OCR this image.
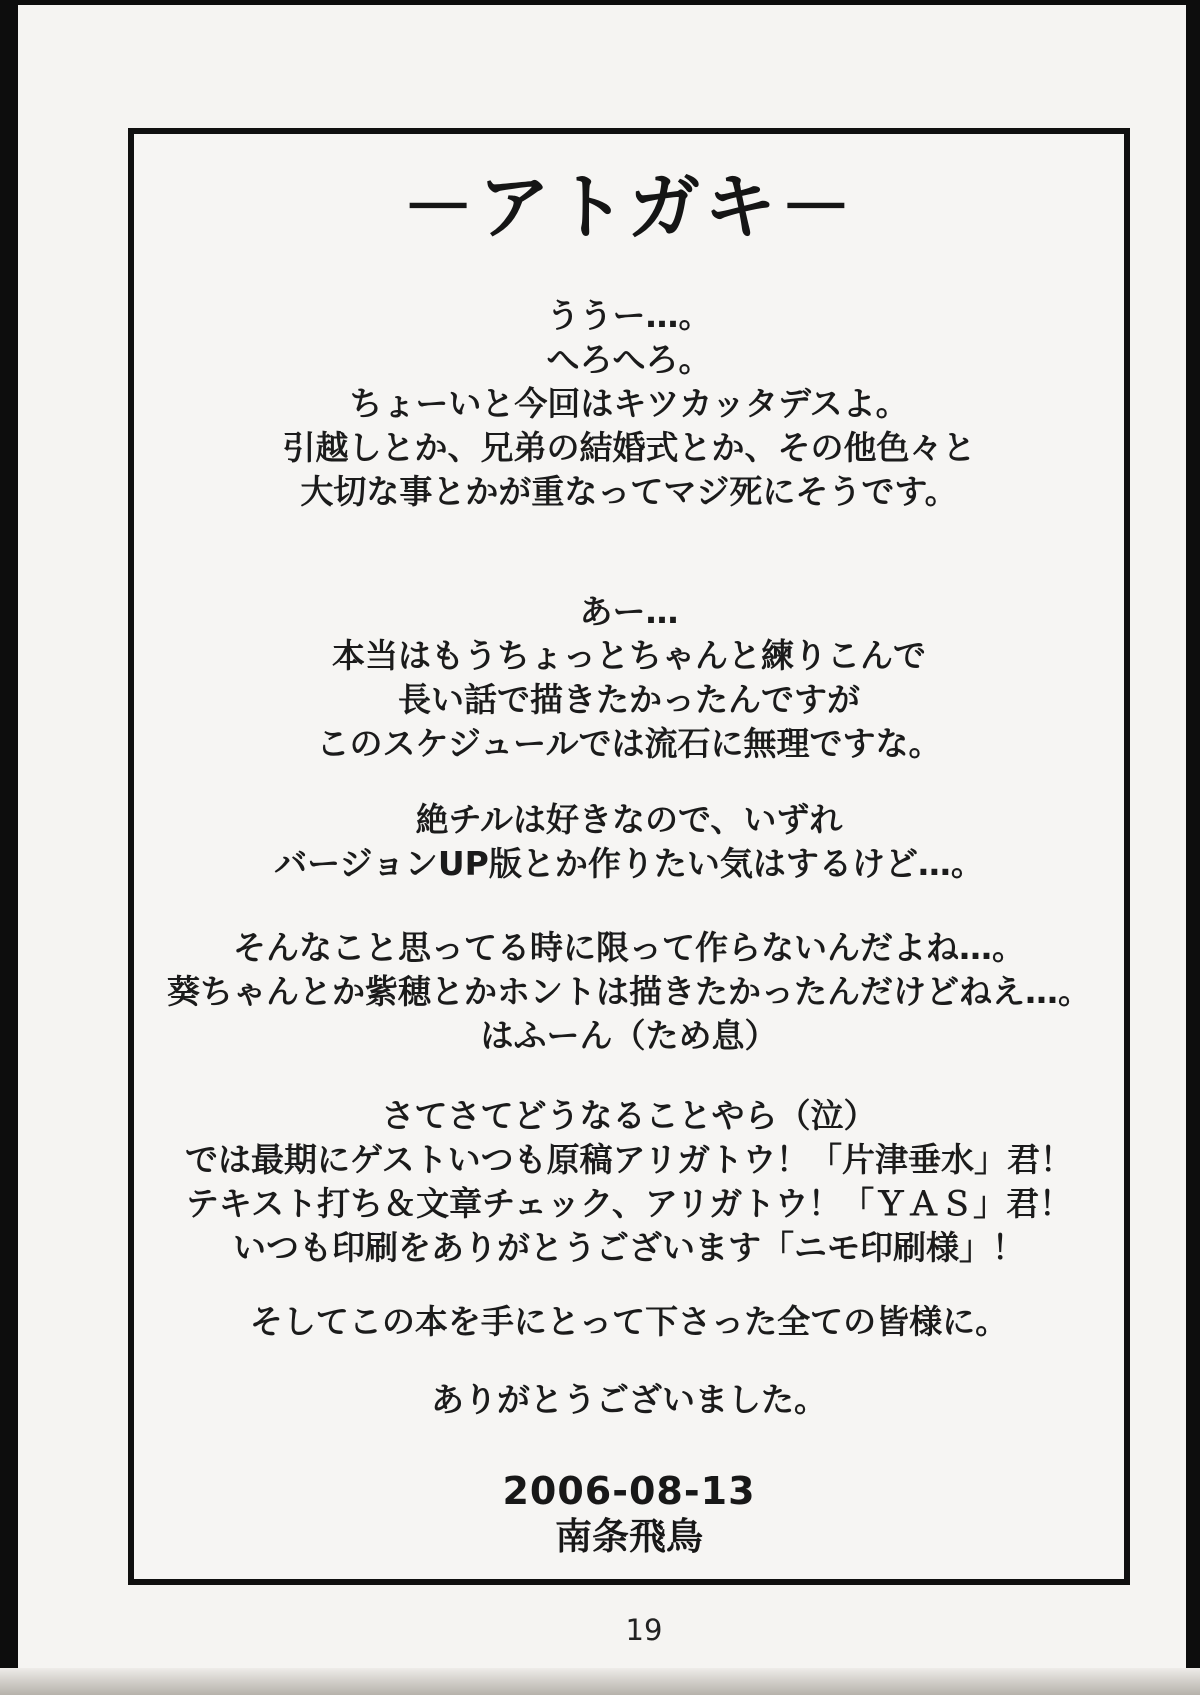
－アトガキ－
ううー…。
へろへろ。
ちょーいと今回はキツカッタデスよ。
引越しとか、兄弟の結婚式とか、その他色々と
大切な事とかが重なってマジ死にそうです。
あー…
本当はもうちょっとちゃんと練りこんで
長い話で描きたかったんですが
このスケジュールでは流石に無理ですな。
絶チルは好きなので、いずれ
バージョンUP版とか作りたい気はするけど…。
そんなこと思ってる時に限って作らないんだよね…。
葵ちゃんとか紫穂とかホントは描きたかったんだけどねえ…。
はふーん（ため息）
さてさてどうなることやら（泣）
では最期にゲストいつも原稿アリガトウ！「片津垂水」君！
テキスト打ち＆文章チェック、アリガトウ！「ＹＡＳ」君！
いつも印刷をありがとうございます「ニモ印刷様」！
そしてこの本を手にとって下さった全ての皆様に。
ありがとうございました。
2006-08-13
南条飛鳥
19
